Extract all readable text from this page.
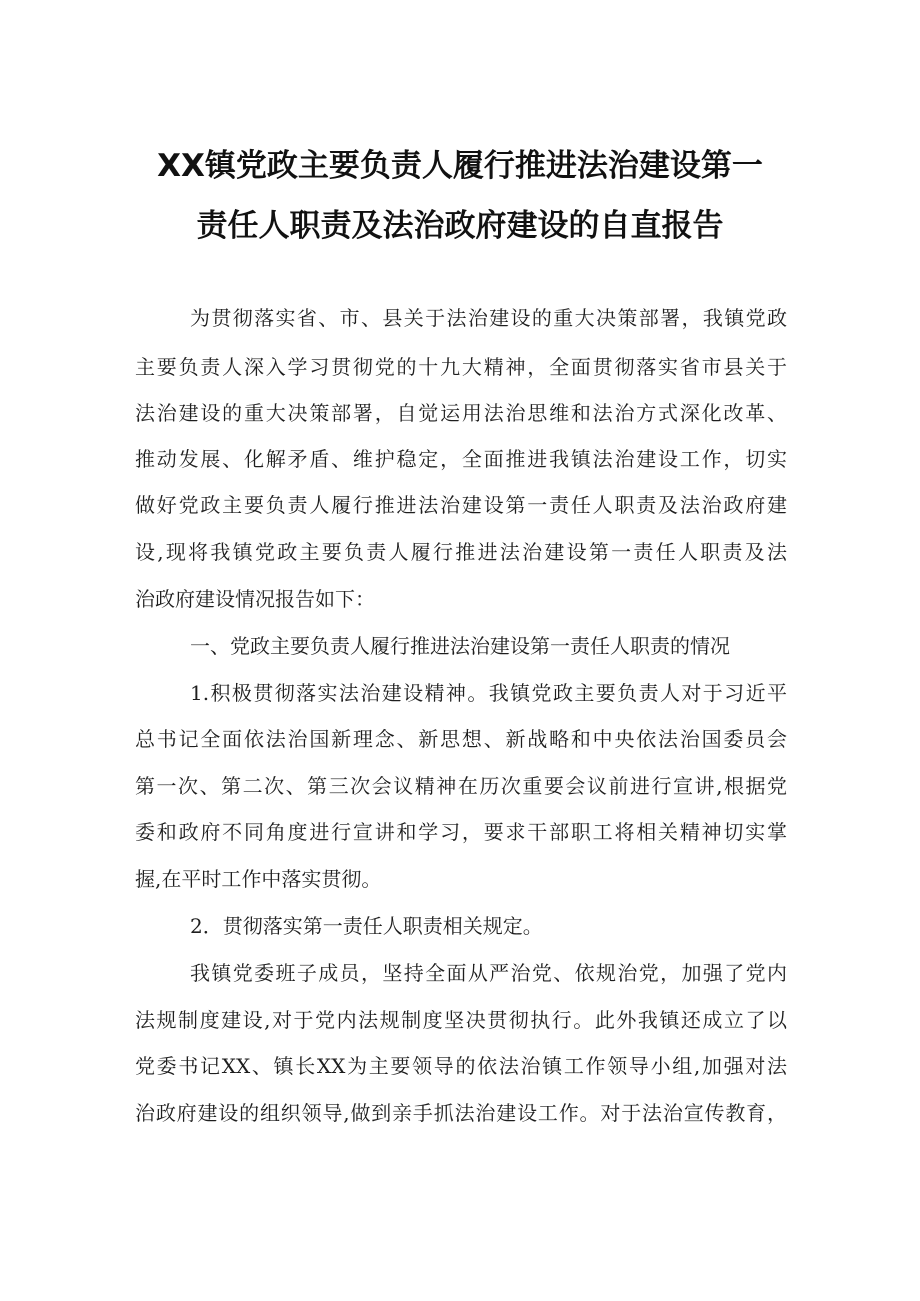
XX镇党政主要负责人履行推进法治建设第一
责任人职责及法治政府建设的自直报告
为贯彻落实省、市、县关于法治建设的重大决策部署，我镇党政
主要负责人深入学习贯彻党的十九大精神，全面贯彻落实省市县关于
法治建设的重大决策部署，自觉运用法治思维和法治方式深化改革、
推动发展、化解矛盾、维护稳定，全面推进我镇法治建设工作，切实
做好党政主要负责人履行推进法治建设第一责任人职责及法治政府建
设,现将我镇党政主要负责人履行推进法治建设第一责任人职责及法
治政府建设情况报告如下：
一、党政主要负责人履行推进法治建设第一责任人职责的情况
1.积极贯彻落实法治建设精神。我镇党政主要负责人对于习近平
总书记全面依法治国新理念、新思想、新战略和中央依法治国委员会
第一次、第二次、第三次会议精神在历次重要会议前进行宣讲,根据党
委和政府不同角度进行宣讲和学习，要求干部职工将相关精神切实掌
握,在平时工作中落实贯彻。
2．贯彻落实第一责任人职责相关规定。
我镇党委班子成员，坚持全面从严治党、依规治党，加强了党内
法规制度建设,对于党内法规制度坚决贯彻执行。此外我镇还成立了以
党委书记XX、镇长XX为主要领导的依法治镇工作领导小组,加强对法
治政府建设的组织领导,做到亲手抓法治建设工作。对于法治宣传教育，
